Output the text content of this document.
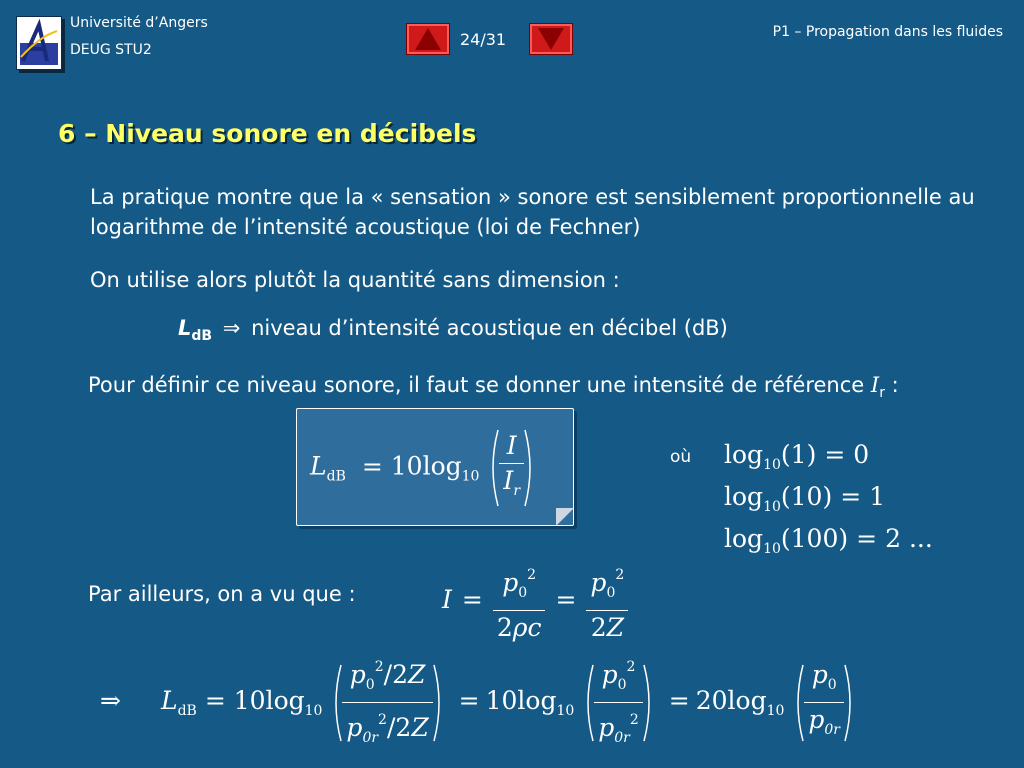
Université d’Angers
DEUG STU2
24/31	P1 – Propagation dans les fluides
6 – Niveau sonore en décibels
La pratique montre que la « sensation » sonore est sensiblement proportionnelle au logarithme de l’intensité acoustique (loi de Fechner)
On utilise alors plutôt la quantité sans dimension :
$L_{dB}$ ⇒ niveau d’intensité acoustique en décibel (dB)
Pour définir ce niveau sonore, il faut se donner une intensité de référence $I_r$ :
$L_{dB} = 10\log_{10} \frac{I}{I_r}$	où $\log_{10}(1) = 0$
$\log_{10}(10) = 1$
$\log_{10}(100) = 2$ ...
Par ailleurs, on a vu que :	$I = \frac{p_0^2}{2\rho c} = \frac{p_0^2}{2Z}$
⇒ $L_{dB} = 10\log_{10} \frac{p_0^2/2Z}{p_{0r}^2/2Z} = 10\log_{10} \frac{p_0^2}{p_{0r}^2} = 20\log_{10} \frac{p_0}{p_{0r}}$
